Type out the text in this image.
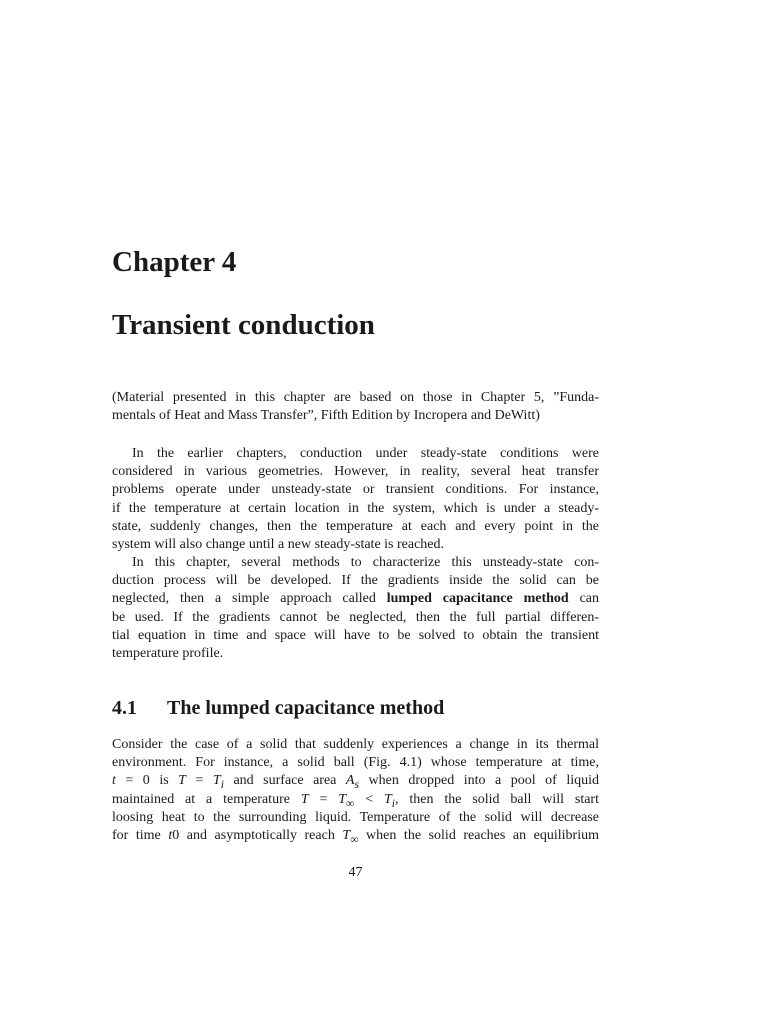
Chapter 4
Transient conduction
(Material presented in this chapter are based on those in Chapter 5, ”Funda-
mentals of Heat and Mass Transfer”, Fifth Edition by Incropera and DeWitt)
In the earlier chapters, conduction under steady-state conditions were
considered in various geometries. However, in reality, several heat transfer
problems operate under unsteady-state or transient conditions. For instance,
if the temperature at certain location in the system, which is under a steady-
state, suddenly changes, then the temperature at each and every point in the
system will also change until a new steady-state is reached.
In this chapter, several methods to characterize this unsteady-state con-
duction process will be developed. If the gradients inside the solid can be
neglected, then a simple approach called lumped capacitance method can
be used. If the gradients cannot be neglected, then the full partial differen-
tial equation in time and space will have to be solved to obtain the transient
temperature profile.
4.1 The lumped capacitance method
Consider the case of a solid that suddenly experiences a change in its thermal
environment. For instance, a solid ball (Fig. 4.1) whose temperature at time,
t = 0 is $T = T_i$ and surface area $A_s$ when dropped into a pool of liquid
maintained at a temperature $T = T_\infty < T_i$, then the solid ball will start
loosing heat to the surrounding liquid. Temperature of the solid will decrease
for time t0 and asymptotically reach $T_\infty$ when the solid reaches an equilibrium
47
